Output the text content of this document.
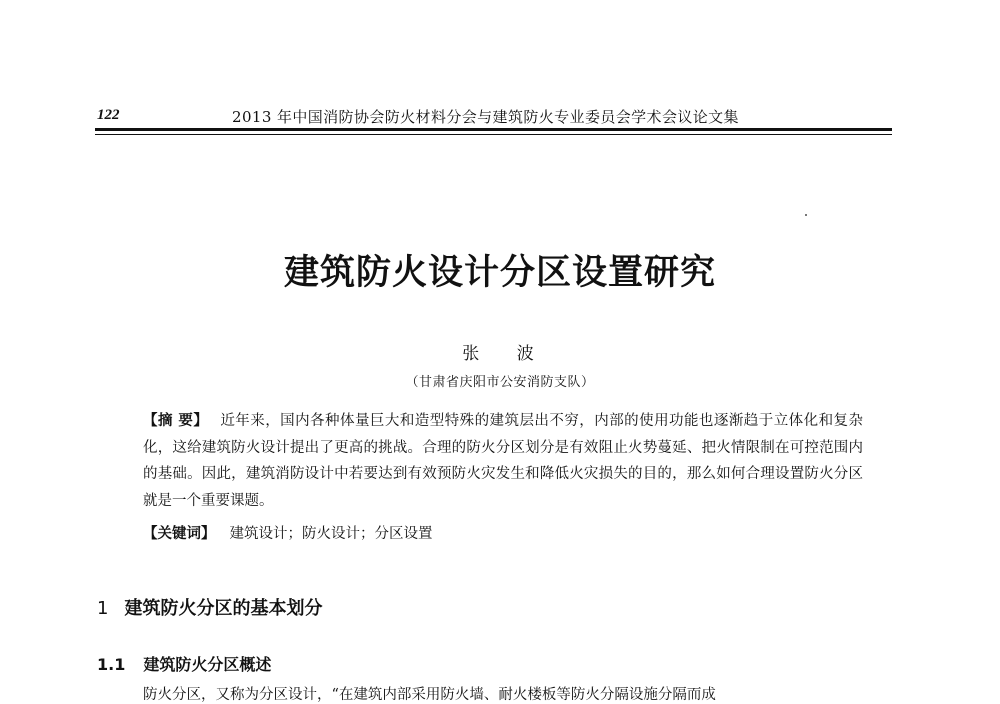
122	2013 年中国消防协会防火材料分会与建筑防火专业委员会学术会议论文集
建筑防火设计分区设置研究
张 波
（甘肃省庆阳市公安消防支队）
【摘 要】 近年来，国内各种体量巨大和造型特殊的建筑层出不穷，内部的使用功能也逐渐趋于立体化和复杂化，这给建筑防火设计提出了更高的挑战。合理的防火分区划分是有效阻止火势蔓延、把火情限制在可控范围内的基础。因此，建筑消防设计中若要达到有效预防火灾发生和降低火灾损失的目的，那么如何合理设置防火分区就是一个重要课题。
【关键词】 建筑设计；防火设计；分区设置
1 建筑防火分区的基本划分
1.1 建筑防火分区概述
防火分区，又称为分区设计，“在建筑内部采用防火墙、耐火楼板等防火分隔设施分隔而成
